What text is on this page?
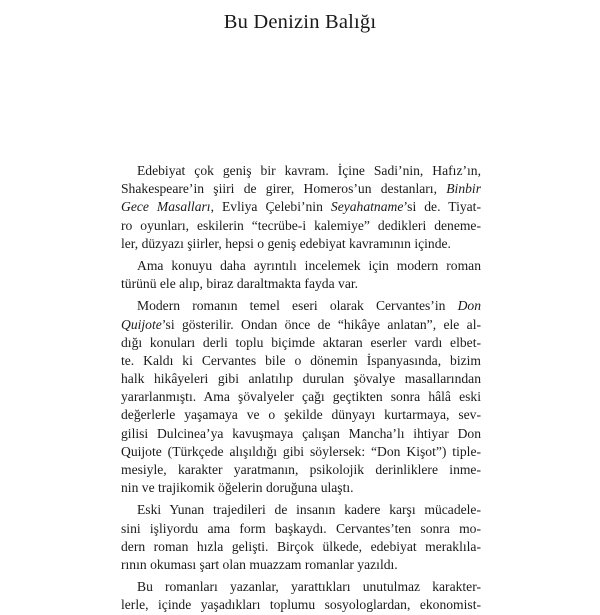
Bu Denizin Balığı
Edebiyat çok geniş bir kavram. İçine Sadi’nin, Hafız’ın,
Shakespeare’in şiiri de girer, Homeros’un destanları, Binbir
Gece Masalları, Evliya Çelebi’nin Seyahatname’si de. Tiyat-
ro oyunları, eskilerin “tecrübe-i kalemiye” dedikleri deneme-
ler, düzyazı şiirler, hepsi o geniş edebiyat kavramının içinde.
Ama konuyu daha ayrıntılı incelemek için modern roman
türünü ele alıp, biraz daraltmakta fayda var.
Modern romanın temel eseri olarak Cervantes’in Don
Quijote’si gösterilir. Ondan önce de “hikâye anlatan”, ele al-
dığı konuları derli toplu biçimde aktaran eserler vardı elbet-
te. Kaldı ki Cervantes bile o dönemin İspanyasında, bizim
halk hikâyeleri gibi anlatılıp durulan şövalye masallarından
yararlanmıştı. Ama şövalyeler çağı geçtikten sonra hâlâ eski
değerlerle yaşamaya ve o şekilde dünyayı kurtarmaya, sev-
gilisi Dulcinea’ya kavuşmaya çalışan Mancha’lı ihtiyar Don
Quijote (Türkçede alışıldığı gibi söylersek: “Don Kişot”) tiple-
mesiyle, karakter yaratmanın, psikolojik derinliklere inme-
nin ve trajikomik öğelerin doruğuna ulaştı.
Eski Yunan trajedileri de insanın kadere karşı mücadele-
sini işliyordu ama form başkaydı. Cervantes’ten sonra mo-
dern roman hızla gelişti. Birçok ülkede, edebiyat meraklıla-
rının okuması şart olan muazzam romanlar yazıldı.
Bu romanları yazanlar, yarattıkları unutulmaz karakter-
lerle, içinde yaşadıkları toplumu sosyologlardan, ekonomist-
